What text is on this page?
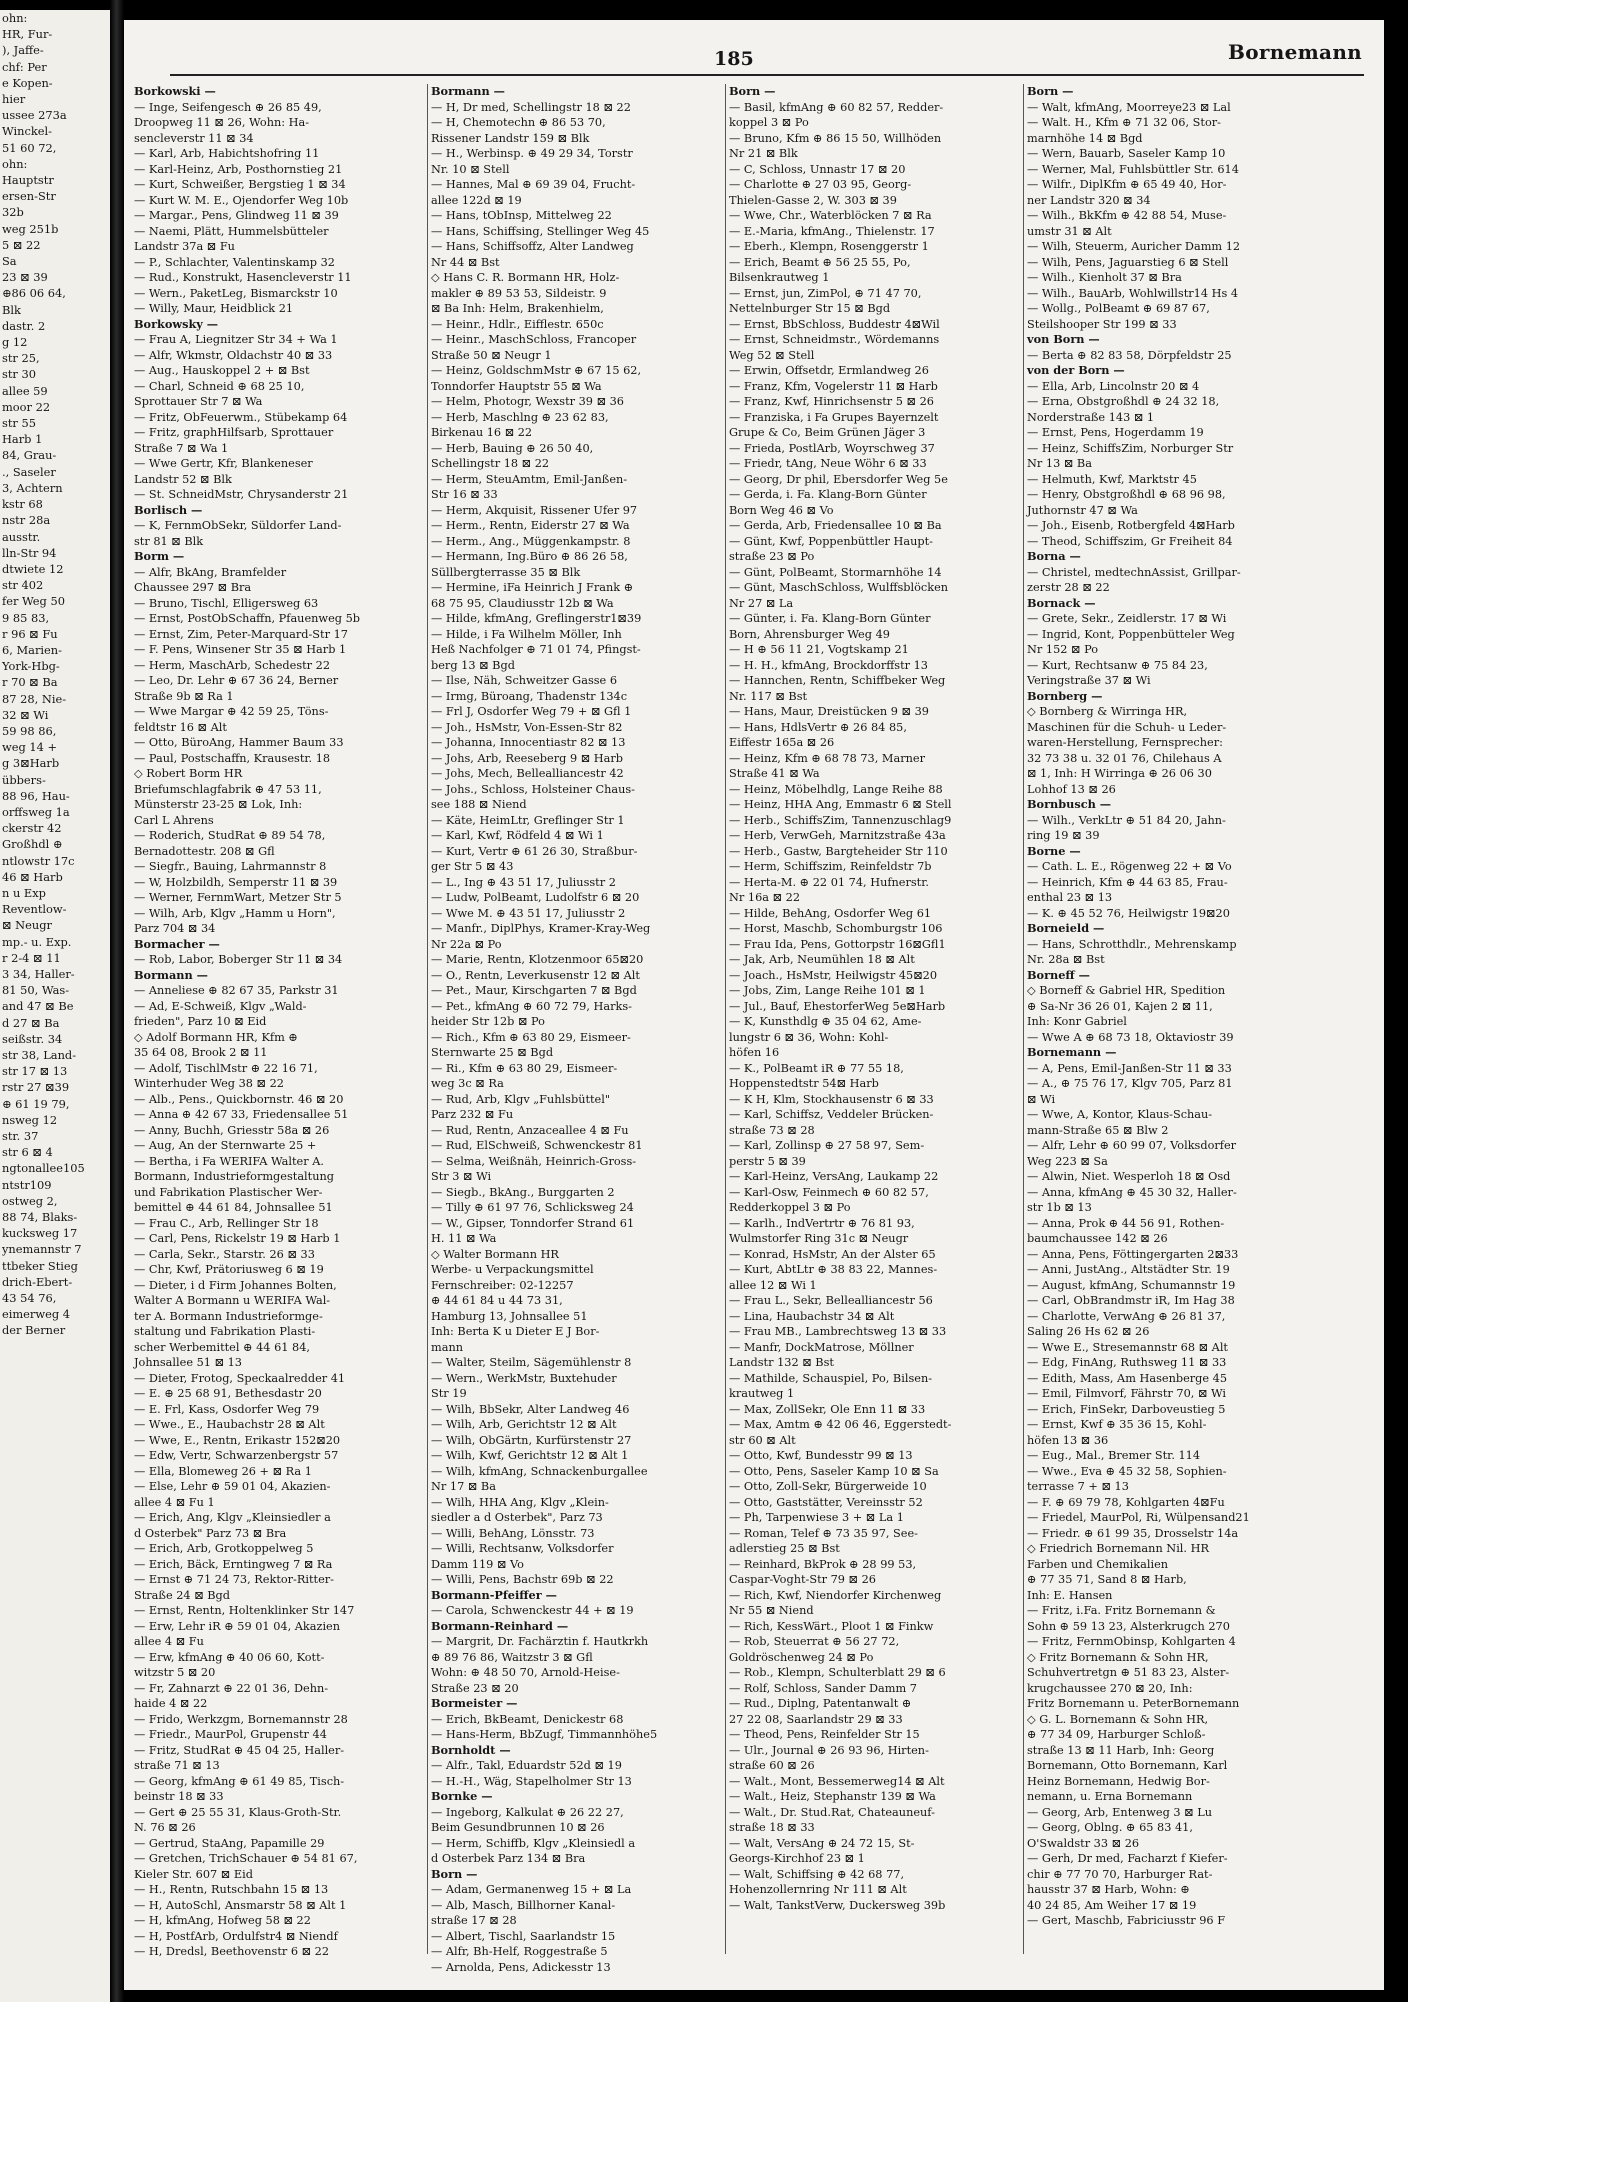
ohn:
HR, Fur-
), Jaffe-
chf: Per
e Kopen-
hier
ussee 273a
Winckel-
51 60 72,
ohn:
Hauptstr
ersen-Str
32b
weg 251b
5 ⊠ 22
Sa
23 ⊠ 39
⊕86 06 64,
Blk
dastr. 2
g 12
str 25,
str 30
allee 59
moor 22
str 55
Harb 1
84, Grau-
., Saseler
3, Achtern
kstr 68
nstr 28a
ausstr.
lln-Str 94
dtwiete 12
str 402
fer Weg 50
9 85 83,
r 96 ⊠ Fu
6, Marien-
York-Hbg-
r 70 ⊠ Ba
87 28, Nie-
32 ⊠ Wi
59 98 86,
weg 14 +
g 3⊠Harb
übbers-
88 96, Hau-
orffsweg 1a
ckerstr 42
Großhdl ⊕
ntlowstr 17c
46 ⊠ Harb
n u Exp
Reventlow-
⊠ Neugr
mp.- u. Exp.
r 2-4 ⊠ 11
3 34, Haller-
81 50, Was-
and 47 ⊠ Be
d 27 ⊠ Ba
seißstr. 34
str 38, Land-
str 17 ⊠ 13
rstr 27 ⊠39
⊕ 61 19 79,
nsweg 12
str. 37
str 6 ⊠ 4
ngtonallee105
ntstr109
ostweg 2,
88 74, Blaks-
kucksweg 17
ynemannstr 7
ttbeker Stieg
drich-Ebert-
43 54 76,
eimerweg 4
der Berner
185	Bornemann
Borkowski —
— Inge, Seifengesch ⊕ 26 85 49,
Droopweg 11 ⊠ 26, Wohn: Ha-
sencleverstr 11 ⊠ 34
— Karl, Arb, Habichtshofring 11
— Karl-Heinz, Arb, Posthornstieg 21
— Kurt, Schweißer, Bergstieg 1 ⊠ 34
— Kurt W. M. E., Ojendorfer Weg 10b
— Margar., Pens, Glindweg 11 ⊠ 39
— Naemi, Plätt, Hummelsbütteler
Landstr 37a ⊠ Fu
— P., Schlachter, Valentinskamp 32
— Rud., Konstrukt, Hasencleverstr 11
— Wern., PaketLeg, Bismarckstr 10
— Willy, Maur, Heidblick 21
Borkowsky —
— Frau A, Liegnitzer Str 34 + Wa 1
— Alfr, Wkmstr, Oldachstr 40 ⊠ 33
— Aug., Hauskoppel 2 + ⊠ Bst
— Charl, Schneid ⊕ 68 25 10,
Sprottauer Str 7 ⊠ Wa
— Fritz, ObFeuerwm., Stübekamp 64
— Fritz, graphHilfsarb, Sprottauer
Straße 7 ⊠ Wa 1
— Wwe Gertr, Kfr, Blankeneser
Landstr 52 ⊠ Blk
— St. SchneidMstr, Chrysanderstr 21
Borlisch —
— K, FernmObSekr, Süldorfer Land-
str 81 ⊠ Blk
Borm —
— Alfr, BkAng, Bramfelder
Chaussee 297 ⊠ Bra
— Bruno, Tischl, Elligersweg 63
— Ernst, PostObSchaffn, Pfauenweg 5b
— Ernst, Zim, Peter-Marquard-Str 17
— F. Pens, Winsener Str 35 ⊠ Harb 1
— Herm, MaschArb, Schedestr 22
— Leo, Dr. Lehr ⊕ 67 36 24, Berner
Straße 9b ⊠ Ra 1
— Wwe Margar ⊕ 42 59 25, Töns-
feldtstr 16 ⊠ Alt
— Otto, BüroAng, Hammer Baum 33
— Paul, Postschaffn, Krausestr. 18
◇ Robert Borm HR
Briefumschlagfabrik ⊕ 47 53 11,
Münsterstr 23-25 ⊠ Lok, Inh:
Carl L Ahrens
— Roderich, StudRat ⊕ 89 54 78,
Bernadottestr. 208 ⊠ Gfl
— Siegfr., Bauing, Lahrmannstr 8
— W, Holzbildh, Semperstr 11 ⊠ 39
— Werner, FernmWart, Metzer Str 5
— Wilh, Arb, Klgv „Hamm u Horn",
Parz 704 ⊠ 34
Bormacher —
— Rob, Labor, Boberger Str 11 ⊠ 34
Bormann —
— Anneliese ⊕ 82 67 35, Parkstr 31
— Ad, E-Schweiß, Klgv „Wald-
frieden", Parz 10 ⊠ Eid
◇ Adolf Bormann HR, Kfm ⊕
35 64 08, Brook 2 ⊠ 11
— Adolf, TischlMstr ⊕ 22 16 71,
Winterhuder Weg 38 ⊠ 22
— Alb., Pens., Quickbornstr. 46 ⊠ 20
— Anna ⊕ 42 67 33, Friedensallee 51
— Anny, Buchh, Griesstr 58a ⊠ 26
— Aug, An der Sternwarte 25 +
— Bertha, i Fa WERIFA Walter A.
Bormann, Industrieformgestaltung
und Fabrikation Plastischer Wer-
bemittel ⊕ 44 61 84, Johnsallee 51
— Frau C., Arb, Rellinger Str 18
— Carl, Pens, Rickelstr 19 ⊠ Harb 1
— Carla, Sekr., Starstr. 26 ⊠ 33
— Chr, Kwf, Prätoriusweg 6 ⊠ 19
— Dieter, i d Firm Johannes Bolten,
Walter A Bormann u WERIFA Wal-
ter A. Bormann Industrieformge-
staltung und Fabrikation Plasti-
scher Werbemittel ⊕ 44 61 84,
Johnsallee 51 ⊠ 13
— Dieter, Frotog, Speckaalredder 41
— E. ⊕ 25 68 91, Bethesdastr 20
— E. Frl, Kass, Osdorfer Weg 79
— Wwe., E., Haubachstr 28 ⊠ Alt
— Wwe, E., Rentn, Erikastr 152⊠20
— Edw, Vertr, Schwarzenbergstr 57
— Ella, Blomeweg 26 + ⊠ Ra 1
— Else, Lehr ⊕ 59 01 04, Akazien-
allee 4 ⊠ Fu 1
— Erich, Ang, Klgv „Kleinsiedler a
d Osterbek" Parz 73 ⊠ Bra
— Erich, Arb, Grotkoppelweg 5
— Erich, Bäck, Erntingweg 7 ⊠ Ra
— Ernst ⊕ 71 24 73, Rektor-Ritter-
Straße 24 ⊠ Bgd
— Ernst, Rentn, Holtenklinker Str 147
— Erw, Lehr iR ⊕ 59 01 04, Akazien
allee 4 ⊠ Fu
— Erw, kfmAng ⊕ 40 06 60, Kott-
witzstr 5 ⊠ 20
— Fr, Zahnarzt ⊕ 22 01 36, Dehn-
haide 4 ⊠ 22
— Frido, Werkzgm, Bornemannstr 28
— Friedr., MaurPol, Grupenstr 44
— Fritz, StudRat ⊕ 45 04 25, Haller-
straße 71 ⊠ 13
— Georg, kfmAng ⊕ 61 49 85, Tisch-
beinstr 18 ⊠ 33
— Gert ⊕ 25 55 31, Klaus-Groth-Str.
N. 76 ⊠ 26
— Gertrud, StaAng, Papamille 29
— Gretchen, TrichSchauer ⊕ 54 81 67,
Kieler Str. 607 ⊠ Eid
— H., Rentn, Rutschbahn 15 ⊠ 13
— H, AutoSchl, Ansmarstr 58 ⊠ Alt 1
— H, kfmAng, Hofweg 58 ⊠ 22
— H, PostfArb, Ordulfstr4 ⊠ Niendf
— H, Dredsl, Beethovenstr 6 ⊠ 22
Bormann —
— H, Dr med, Schellingstr 18 ⊠ 22
— H, Chemotechn ⊕ 86 53 70,
Rissener Landstr 159 ⊠ Blk
— H., Werbinsp. ⊕ 49 29 34, Torstr
Nr. 10 ⊠ Stell
— Hannes, Mal ⊕ 69 39 04, Frucht-
allee 122d ⊠ 19
— Hans, tObInsp, Mittelweg 22
— Hans, Schiffsing, Stellinger Weg 45
— Hans, Schiffsoffz, Alter Landweg
Nr 44 ⊠ Bst
◇ Hans C. R. Bormann HR, Holz-
makler ⊕ 89 53 53, Sildeistr. 9
⊠ Ba Inh: Helm, Brakenhielm,
— Heinr., Hdlr., Eifflestr. 650c
— Heinr., MaschSchloss, Francoper
Straße 50 ⊠ Neugr 1
— Heinz, GoldschmMstr ⊕ 67 15 62,
Tonndorfer Hauptstr 55 ⊠ Wa
— Helm, Photogr, Wexstr 39 ⊠ 36
— Herb, Maschlng ⊕ 23 62 83,
Birkenau 16 ⊠ 22
— Herb, Bauing ⊕ 26 50 40,
Schellingstr 18 ⊠ 22
— Herm, SteuAmtm, Emil-Janßen-
Str 16 ⊠ 33
— Herm, Akquisit, Rissener Ufer 97
— Herm., Rentn, Eiderstr 27 ⊠ Wa
— Herm., Ang., Müggenkampstr. 8
— Hermann, Ing.Büro ⊕ 86 26 58,
Süllbergterrasse 35 ⊠ Blk
— Hermine, iFa Heinrich J Frank ⊕
68 75 95, Claudiusstr 12b ⊠ Wa
— Hilde, kfmAng, Greflingerstr1⊠39
— Hilde, i Fa Wilhelm Möller, Inh
Heß Nachfolger ⊕ 71 01 74, Pfingst-
berg 13 ⊠ Bgd
— Ilse, Näh, Schweitzer Gasse 6
— Irmg, Büroang, Thadenstr 134c
— Frl J, Osdorfer Weg 79 + ⊠ Gfl 1
— Joh., HsMstr, Von-Essen-Str 82
— Johanna, Innocentiastr 82 ⊠ 13
— Johs, Arb, Reeseberg 9 ⊠ Harb
— Johs, Mech, Bellealliancestr 42
— Johs., Schloss, Holsteiner Chaus-
see 188 ⊠ Niend
— Käte, HeimLtr, Greflinger Str 1
— Karl, Kwf, Rödfeld 4 ⊠ Wi 1
— Kurt, Vertr ⊕ 61 26 30, Straßbur-
ger Str 5 ⊠ 43
— L., Ing ⊕ 43 51 17, Juliusstr 2
— Ludw, PolBeamt, Ludolfstr 6 ⊠ 20
— Wwe M. ⊕ 43 51 17, Juliusstr 2
— Manfr., DiplPhys, Kramer-Kray-Weg
Nr 22a ⊠ Po
— Marie, Rentn, Klotzenmoor 65⊠20
— O., Rentn, Leverkusenstr 12 ⊠ Alt
— Pet., Maur, Kirschgarten 7 ⊠ Bgd
— Pet., kfmAng ⊕ 60 72 79, Harks-
heider Str 12b ⊠ Po
— Rich., Kfm ⊕ 63 80 29, Eismeer-
Sternwarte 25 ⊠ Bgd
— Ri., Kfm ⊕ 63 80 29, Eismeer-
weg 3c ⊠ Ra
— Rud, Arb, Klgv „Fuhlsbüttel"
Parz 232 ⊠ Fu
— Rud, Rentn, Anzaceallee 4 ⊠ Fu
— Rud, ElSchweiß, Schwenckestr 81
— Selma, Weißnäh, Heinrich-Gross-
Str 3 ⊠ Wi
— Siegb., BkAng., Burggarten 2
— Tilly ⊕ 61 97 76, Schlicksweg 24
— W., Gipser, Tonndorfer Strand 61
H. 11 ⊠ Wa
◇ Walter Bormann HR
Werbe- u Verpackungsmittel
Fernschreiber: 02-12257
⊕ 44 61 84 u 44 73 31,
Hamburg 13, Johnsallee 51
Inh: Berta K u Dieter E J Bor-
mann
— Walter, Steilm, Sägemühlenstr 8
— Wern., WerkMstr, Buxtehuder
Str 19
— Wilh, BbSekr, Alter Landweg 46
— Wilh, Arb, Gerichtstr 12 ⊠ Alt
— Wilh, ObGärtn, Kurfürstenstr 27
— Wilh, Kwf, Gerichtstr 12 ⊠ Alt 1
— Wilh, kfmAng, Schnackenburgallee
Nr 17 ⊠ Ba
— Wilh, HHA Ang, Klgv „Klein-
siedler a d Osterbek", Parz 73
— Willi, BehAng, Lönsstr. 73
— Willi, Rechtsanw, Volksdorfer
Damm 119 ⊠ Vo
— Willi, Pens, Bachstr 69b ⊠ 22
Bormann-Pfeiffer —
— Carola, Schwenckestr 44 + ⊠ 19
Bormann-Reinhard —
— Margrit, Dr. Fachärztin f. Hautkrkh
⊕ 89 76 86, Waitzstr 3 ⊠ Gfl
Wohn: ⊕ 48 50 70, Arnold-Heise-
Straße 23 ⊠ 20
Bormeister —
— Erich, BkBeamt, Denickestr 68
— Hans-Herm, BbZugf, Timmannhöhe5
Bornholdt —
— Alfr., Takl, Eduardstr 52d ⊠ 19
— H.-H., Wäg, Stapelholmer Str 13
Bornke —
— Ingeborg, Kalkulat ⊕ 26 22 27,
Beim Gesundbrunnen 10 ⊠ 26
— Herm, Schiffb, Klgv „Kleinsiedl a
d Osterbek Parz 134 ⊠ Bra
Born —
— Adam, Germanenweg 15 + ⊠ La
— Alb, Masch, Billhorner Kanal-
straße 17 ⊠ 28
— Albert, Tischl, Saarlandstr 15
— Alfr, Bh-Helf, Roggestraße 5
— Arnolda, Pens, Adickesstr 13
Born —
— Basil, kfmAng ⊕ 60 82 57, Redder-
koppel 3 ⊠ Po
— Bruno, Kfm ⊕ 86 15 50, Willhöden
Nr 21 ⊠ Blk
— C, Schloss, Unnastr 17 ⊠ 20
— Charlotte ⊕ 27 03 95, Georg-
Thielen-Gasse 2, W. 303 ⊠ 39
— Wwe, Chr., Waterblöcken 7 ⊠ Ra
— E.-Maria, kfmAng., Thielenstr. 17
— Eberh., Klempn, Rosenggerstr 1
— Erich, Beamt ⊕ 56 25 55, Po,
Bilsenkrautweg 1
— Ernst, jun, ZimPol, ⊕ 71 47 70,
Nettelnburger Str 15 ⊠ Bgd
— Ernst, BbSchloss, Buddestr 4⊠Wil
— Ernst, Schneidmstr., Wördemanns
Weg 52 ⊠ Stell
— Erwin, Offsetdr, Ermlandweg 26
— Franz, Kfm, Vogelerstr 11 ⊠ Harb
— Franz, Kwf, Hinrichsenstr 5 ⊠ 26
— Franziska, i Fa Grupes Bayernzelt
Grupe & Co, Beim Grünen Jäger 3
— Frieda, PostlArb, Woyrschweg 37
— Friedr, tAng, Neue Wöhr 6 ⊠ 33
— Georg, Dr phil, Ebersdorfer Weg 5e
— Gerda, i. Fa. Klang-Born Günter
Born Weg 46 ⊠ Vo
— Gerda, Arb, Friedensallee 10 ⊠ Ba
— Günt, Kwf, Poppenbüttler Haupt-
straße 23 ⊠ Po
— Günt, PolBeamt, Stormarnhöhe 14
— Günt, MaschSchloss, Wulffsblöcken
Nr 27 ⊠ La
— Günter, i. Fa. Klang-Born Günter
Born, Ahrensburger Weg 49
— H ⊕ 56 11 21, Vogtskamp 21
— H. H., kfmAng, Brockdorffstr 13
— Hannchen, Rentn, Schiffbeker Weg
Nr. 117 ⊠ Bst
— Hans, Maur, Dreistücken 9 ⊠ 39
— Hans, HdlsVertr ⊕ 26 84 85,
Eiffestr 165a ⊠ 26
— Heinz, Kfm ⊕ 68 78 73, Marner
Straße 41 ⊠ Wa
— Heinz, Möbelhdlg, Lange Reihe 88
— Heinz, HHA Ang, Emmastr 6 ⊠ Stell
— Herb., SchiffsZim, Tannenzuschlag9
— Herb, VerwGeh, Marnitzstraße 43a
— Herb., Gastw, Bargteheider Str 110
— Herm, Schiffszim, Reinfeldstr 7b
— Herta-M. ⊕ 22 01 74, Hufnerstr.
Nr 16a ⊠ 22
— Hilde, BehAng, Osdorfer Weg 61
— Horst, Maschb, Schomburgstr 106
— Frau Ida, Pens, Gottorpstr 16⊠Gfl1
— Jak, Arb, Neumühlen 18 ⊠ Alt
— Joach., HsMstr, Heilwigstr 45⊠20
— Jobs, Zim, Lange Reihe 101 ⊠ 1
— Jul., Bauf, EhestorferWeg 5e⊠Harb
— K, Kunsthdlg ⊕ 35 04 62, Ame-
lungstr 6 ⊠ 36, Wohn: Kohl-
höfen 16
— K., PolBeamt iR ⊕ 77 55 18,
Hoppenstedtstr 54⊠ Harb
— K H, Klm, Stockhausenstr 6 ⊠ 33
— Karl, Schiffsz, Veddeler Brücken-
straße 73 ⊠ 28
— Karl, Zollinsp ⊕ 27 58 97, Sem-
perstr 5 ⊠ 39
— Karl-Heinz, VersAng, Laukamp 22
— Karl-Osw, Feinmech ⊕ 60 82 57,
Redderkoppel 3 ⊠ Po
— Karlh., IndVertrtr ⊕ 76 81 93,
Wulmstorfer Ring 31c ⊠ Neugr
— Konrad, HsMstr, An der Alster 65
— Kurt, AbtLtr ⊕ 38 83 22, Mannes-
allee 12 ⊠ Wi 1
— Frau L., Sekr, Bellealliancestr 56
— Lina, Haubachstr 34 ⊠ Alt
— Frau MB., Lambrechtsweg 13 ⊠ 33
— Manfr, DockMatrose, Möllner
Landstr 132 ⊠ Bst
— Mathilde, Schauspiel, Po, Bilsen-
krautweg 1
— Max, ZollSekr, Ole Enn 11 ⊠ 33
— Max, Amtm ⊕ 42 06 46, Eggerstedt-
str 60 ⊠ Alt
— Otto, Kwf, Bundesstr 99 ⊠ 13
— Otto, Pens, Saseler Kamp 10 ⊠ Sa
— Otto, Zoll-Sekr, Bürgerweide 10
— Otto, Gaststätter, Vereinsstr 52
— Ph, Tarpenwiese 3 + ⊠ La 1
— Roman, Telef ⊕ 73 35 97, See-
adlerstieg 25 ⊠ Bst
— Reinhard, BkProk ⊕ 28 99 53,
Caspar-Voght-Str 79 ⊠ 26
— Rich, Kwf, Niendorfer Kirchenweg
Nr 55 ⊠ Niend
— Rich, KessWärt., Ploot 1 ⊠ Finkw
— Rob, Steuerrat ⊕ 56 27 72,
Goldröschenweg 24 ⊠ Po
— Rob., Klempn, Schulterblatt 29 ⊠ 6
— Rolf, Schloss, Sander Damm 7
— Rud., Diplng, Patentanwalt ⊕
27 22 08, Saarlandstr 29 ⊠ 33
— Theod, Pens, Reinfelder Str 15
— Ulr., Journal ⊕ 26 93 96, Hirten-
straße 60 ⊠ 26
— Walt., Mont, Bessemerweg14 ⊠ Alt
— Walt., Heiz, Stephanstr 139 ⊠ Wa
— Walt., Dr. Stud.Rat, Chateauneuf-
straße 18 ⊠ 33
— Walt, VersAng ⊕ 24 72 15, St-
Georgs-Kirchhof 23 ⊠ 1
— Walt, Schiffsing ⊕ 42 68 77,
Hohenzollernring Nr 111 ⊠ Alt
— Walt, TankstVerw, Duckersweg 39b
Born —
— Walt, kfmAng, Moorreye23 ⊠ Lal
— Walt. H., Kfm ⊕ 71 32 06, Stor-
marnhöhe 14 ⊠ Bgd
— Wern, Bauarb, Saseler Kamp 10
— Werner, Mal, Fuhlsbüttler Str. 614
— Wilfr., DiplKfm ⊕ 65 49 40, Hor-
ner Landstr 320 ⊠ 34
— Wilh., BkKfm ⊕ 42 88 54, Muse-
umstr 31 ⊠ Alt
— Wilh, Steuerm, Auricher Damm 12
— Wilh, Pens, Jaguarstieg 6 ⊠ Stell
— Wilh., Kienholt 37 ⊠ Bra
— Wilh., BauArb, Wohlwillstr14 Hs 4
— Wollg., PolBeamt ⊕ 69 87 67,
Steilshooper Str 199 ⊠ 33
von Born —
— Berta ⊕ 82 83 58, Dörpfeldstr 25
von der Born —
— Ella, Arb, Lincolnstr 20 ⊠ 4
— Erna, Obstgroßhdl ⊕ 24 32 18,
Norderstraße 143 ⊠ 1
— Ernst, Pens, Hogerdamm 19
— Heinz, SchiffsZim, Norburger Str
Nr 13 ⊠ Ba
— Helmuth, Kwf, Marktstr 45
— Henry, Obstgroßhdl ⊕ 68 96 98,
Juthornstr 47 ⊠ Wa
— Joh., Eisenb, Rotbergfeld 4⊠Harb
— Theod, Schiffszim, Gr Freiheit 84
Borna —
— Christel, medtechnAssist, Grillpar-
zerstr 28 ⊠ 22
Bornack —
— Grete, Sekr., Zeidlerstr. 17 ⊠ Wi
— Ingrid, Kont, Poppenbütteler Weg
Nr 152 ⊠ Po
— Kurt, Rechtsanw ⊕ 75 84 23,
Veringstraße 37 ⊠ Wi
Bornberg —
◇ Bornberg & Wirringa HR,
Maschinen für die Schuh- u Leder-
waren-Herstellung, Fernsprecher:
32 73 38 u. 32 01 76, Chilehaus A
⊠ 1, Inh: H Wirringa ⊕ 26 06 30
Lohhof 13 ⊠ 26
Bornbusch —
— Wilh., VerkLtr ⊕ 51 84 20, Jahn-
ring 19 ⊠ 39
Borne —
— Cath. L. E., Rögenweg 22 + ⊠ Vo
— Heinrich, Kfm ⊕ 44 63 85, Frau-
enthal 23 ⊠ 13
— K. ⊕ 45 52 76, Heilwigstr 19⊠20
Borneield —
— Hans, Schrotthdlr., Mehrenskamp
Nr. 28a ⊠ Bst
Borneff —
◇ Borneff & Gabriel HR, Spedition
⊕ Sa-Nr 36 26 01, Kajen 2 ⊠ 11,
Inh: Konr Gabriel
— Wwe A ⊕ 68 73 18, Oktaviostr 39
Bornemann —
— A, Pens, Emil-Janßen-Str 11 ⊠ 33
— A., ⊕ 75 76 17, Klgv 705, Parz 81
⊠ Wi
— Wwe, A, Kontor, Klaus-Schau-
mann-Straße 65 ⊠ Blw 2
— Alfr, Lehr ⊕ 60 99 07, Volksdorfer
Weg 223 ⊠ Sa
— Alwin, Niet. Wesperloh 18 ⊠ Osd
— Anna, kfmAng ⊕ 45 30 32, Haller-
str 1b ⊠ 13
— Anna, Prok ⊕ 44 56 91, Rothen-
baumchaussee 142 ⊠ 26
— Anna, Pens, Föttingergarten 2⊠33
— Anni, JustAng., Altstädter Str. 19
— August, kfmAng, Schumannstr 19
— Carl, ObBrandmstr iR, Im Hag 38
— Charlotte, VerwAng ⊕ 26 81 37,
Saling 26 Hs 62 ⊠ 26
— Wwe E., Stresemannstr 68 ⊠ Alt
— Edg, FinAng, Ruthsweg 11 ⊠ 33
— Edith, Mass, Am Hasenberge 45
— Emil, Filmvorf, Fährstr 70, ⊠ Wi
— Erich, FinSekr, Darboveustieg 5
— Ernst, Kwf ⊕ 35 36 15, Kohl-
höfen 13 ⊠ 36
— Eug., Mal., Bremer Str. 114
— Wwe., Eva ⊕ 45 32 58, Sophien-
terrasse 7 + ⊠ 13
— F. ⊕ 69 79 78, Kohlgarten 4⊠Fu
— Friedel, MaurPol, Ri, Wülpensand21
— Friedr. ⊕ 61 99 35, Drosselstr 14a
◇ Friedrich Bornemann Nil. HR
Farben und Chemikalien
⊕ 77 35 71, Sand 8 ⊠ Harb,
Inh: E. Hansen
— Fritz, i.Fa. Fritz Bornemann &
Sohn ⊕ 59 13 23, Alsterkrugch 270
— Fritz, FernmObinsp, Kohlgarten 4
◇ Fritz Bornemann & Sohn HR,
Schuhvertretgn ⊕ 51 83 23, Alster-
krugchaussee 270 ⊠ 20, Inh:
Fritz Bornemann u. PeterBornemann
◇ G. L. Bornemann & Sohn HR,
⊕ 77 34 09, Harburger Schloß-
straße 13 ⊠ 11 Harb, Inh: Georg
Bornemann, Otto Bornemann, Karl
Heinz Bornemann, Hedwig Bor-
nemann, u. Erna Bornemann
— Georg, Arb, Entenweg 3 ⊠ Lu
— Georg, Oblng. ⊕ 65 83 41,
O'Swaldstr 33 ⊠ 26
— Gerh, Dr med, Facharzt f Kiefer-
chir ⊕ 77 70 70, Harburger Rat-
hausstr 37 ⊠ Harb, Wohn: ⊕
40 24 85, Am Weiher 17 ⊠ 19
— Gert, Maschb, Fabriciusstr 96 F
